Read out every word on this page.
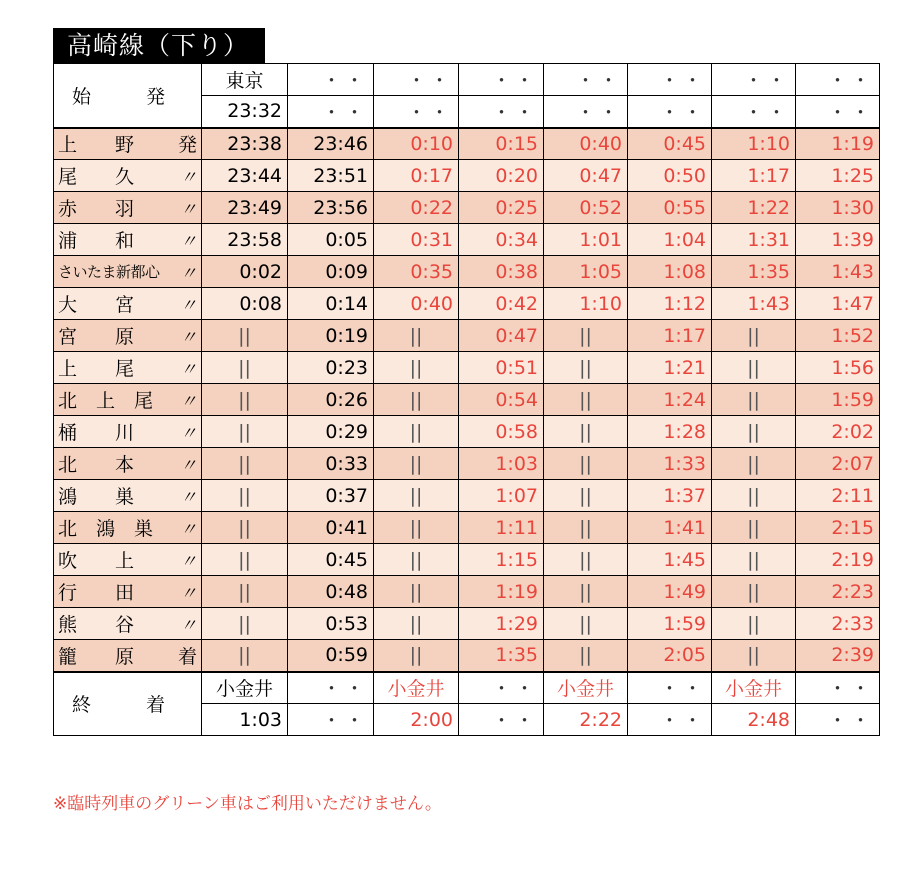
高崎線（下り）
始　発	東京	・・	・・	・・	・・	・・	・・	・・
	23:32	・・	・・	・・	・・	・・	・・	・・

上　　野 発	23:38	23:46	0:10	0:15	0:40	0:45	1:10	1:19

尾　　久 〃	23:44	23:51	0:17	0:20	0:47	0:50	1:17	1:25

赤　　羽 〃	23:49	23:56	0:22	0:25	0:52	0:55	1:22	1:30

浦　　和 〃	23:58	0:05	0:31	0:34	1:01	1:04	1:31	1:39

さいたま新都心 〃	0:02	0:09	0:35	0:38	1:05	1:08	1:35	1:43

大　　宮 〃	0:08	0:14	0:40	0:42	1:10	1:12	1:43	1:47

宮　　原 〃	||	0:19	||	0:47	||	1:17	||	1:52

上　　尾 〃	||	0:23	||	0:51	||	1:21	||	1:56

北　上　尾 〃	||	0:26	||	0:54	||	1:24	||	1:59

桶　　川 〃	||	0:29	||	0:58	||	1:28	||	2:02

北　　本 〃	||	0:33	||	1:03	||	1:33	||	2:07

鴻　　巣 〃	||	0:37	||	1:07	||	1:37	||	2:11

北　鴻　巣 〃	||	0:41	||	1:11	||	1:41	||	2:15

吹　　上 〃	||	0:45	||	1:15	||	1:45	||	2:19

行　　田 〃	||	0:48	||	1:19	||	1:49	||	2:23

熊　　谷 〃	||	0:53	||	1:29	||	1:59	||	2:33

籠　　原 着	||	0:59	||	1:35	||	2:05	||	2:39
終　着	小金井	・・	小金井	・・	小金井	・・	小金井	・・
	1:03	・・	2:00	・・	2:22	・・	2:48	・・
※臨時列車のグリーン車はご利用いただけません。
